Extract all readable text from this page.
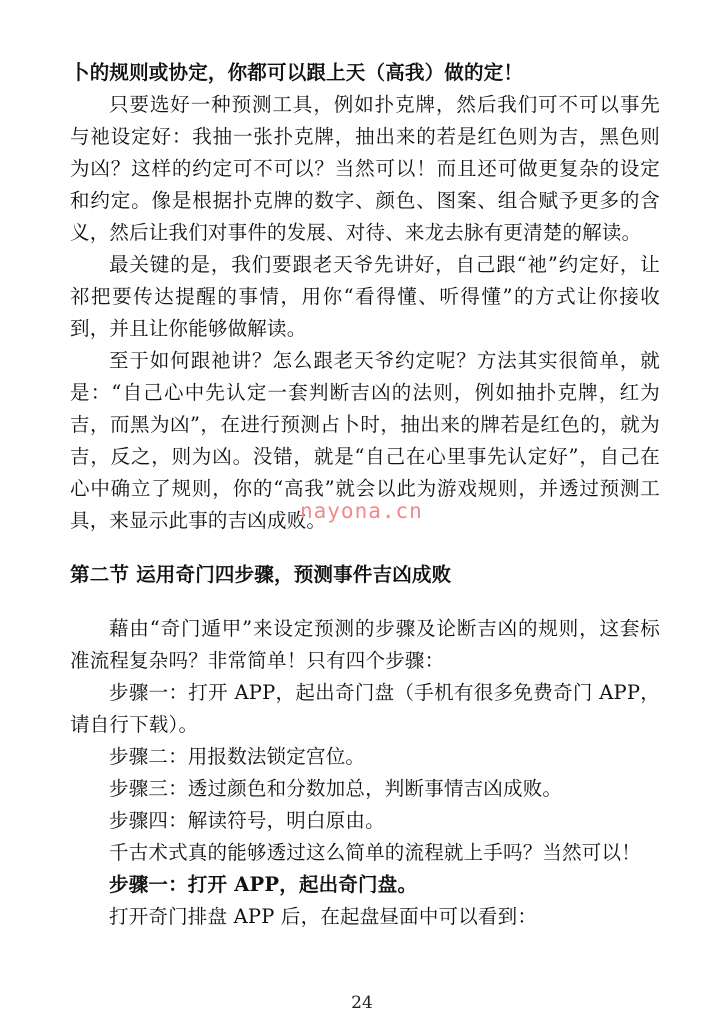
卜的规则或协定，你都可以跟上天（高我）做的定！

只要选好一种预测工具，例如扑克牌，然后我们可不可以事先与祂设定好：我抽一张扑克牌，抽出来的若是红色则为吉，黑色则为凶？这样的约定可不可以？当然可以！而且还可做更复杂的设定和约定。像是根据扑克牌的数字、颜色、图案、组合赋予更多的含义，然后让我们对事件的发展、对待、来龙去脉有更清楚的解读。

最关键的是，我们要跟老天爷先讲好，自己跟“祂”约定好，让祁把要传达提醒的事情，用你“看得懂、听得懂”的方式让你接收到，并且让你能够做解读。

至于如何跟祂讲？怎么跟老天爷约定呢？方法其实很简单，就是：“自己心中先认定一套判断吉凶的法则，例如抽扑克牌，红为吉，而黑为凶”，在进行预测占卜时，抽出来的牌若是红色的，就为吉，反之，则为凶。没错，就是“自己在心里事先认定好”，自己在心中确立了规则，你的“高我”就会以此为游戏规则，并透过预测工具，来显示此事的吉凶成败。

第二节 运用奇门四步骤，预测事件吉凶成败

藉由“奇门遁甲”来设定预测的步骤及论断吉凶的规则，这套标准流程复杂吗？非常简单！只有四个步骤：

步骤一：打开 APP，起出奇门盘（手机有很多免费奇门 APP，请自行下载）。

步骤二：用报数法锁定宫位。

步骤三：透过颜色和分数加总，判断事情吉凶成败。

步骤四：解读符号，明白原由。

千古术式真的能够透过这么简单的流程就上手吗？当然可以！

步骤一：打开 APP，起出奇门盘。

打开奇门排盘 APP 后，在起盘昼面中可以看到：

nayona.cn
24
